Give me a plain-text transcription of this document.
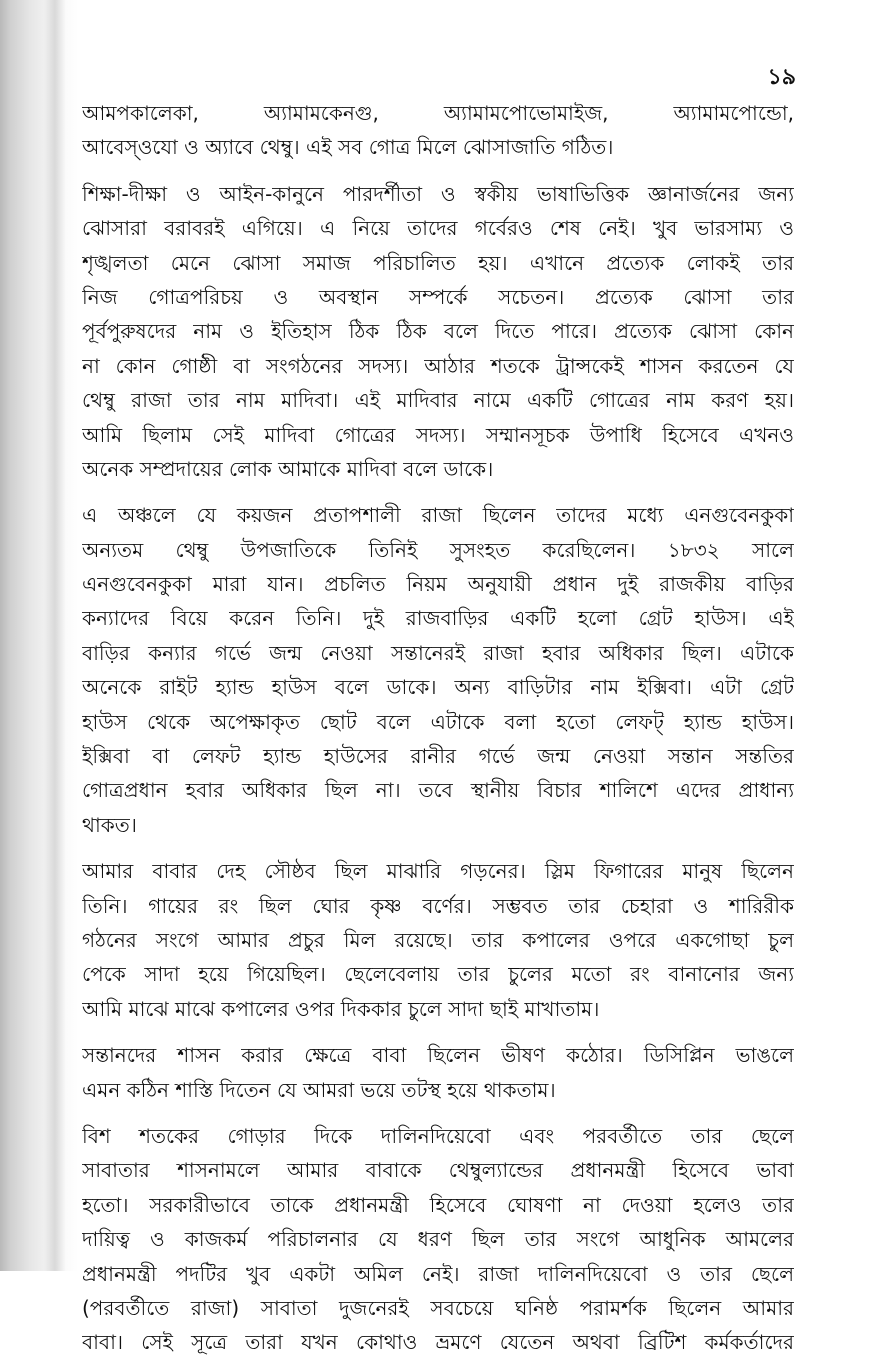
১৯
আমপকালেকা, অ্যামামকেনগু, অ্যামামপোভোমাইজ, অ্যামামপোন্ডো,
আবেস্ওযো ও অ্যাবে থেম্বু। এই সব গোত্র মিলে ঝোসাজাতি গঠিত।
শিক্ষা-দীক্ষা ও আইন-কানুনে পারদর্শীতা ও স্বকীয় ভাষাভিত্তিক জ্ঞানার্জনের জন্য
ঝোসারা বরাবরই এগিয়ে। এ নিয়ে তাদের গর্বেরও শেষ নেই। খুব ভারসাম্য ও
শৃঙ্খলতা মেনে ঝোসা সমাজ পরিচালিত হয়। এখানে প্রত্যেক লোকই তার
নিজ গোত্রপরিচয় ও অবস্থান সম্পর্কে সচেতন। প্রত্যেক ঝোসা তার
পূর্বপুরুষদের নাম ও ইতিহাস ঠিক ঠিক বলে দিতে পারে। প্রত্যেক ঝোসা কোন
না কোন গোষ্ঠী বা সংগঠনের সদস্য। আঠার শতকে ট্রান্সকেই শাসন করতেন যে
থেম্বু রাজা তার নাম মাদিবা। এই মাদিবার নামে একটি গোত্রের নাম করণ হয়।
আমি ছিলাম সেই মাদিবা গোত্রের সদস্য। সম্মানসূচক উপাধি হিসেবে এখনও
অনেক সম্প্রদায়ের লোক আমাকে মাদিবা বলে ডাকে।
এ অঞ্চলে যে কয়জন প্রতাপশালী রাজা ছিলেন তাদের মধ্যে এনগুবেনকুকা
অন্যতম থেম্বু উপজাতিকে তিনিই সুসংহত করেছিলেন। ১৮৩২ সালে
এনগুবেনকুকা মারা যান। প্রচলিত নিয়ম অনুযায়ী প্রধান দুই রাজকীয় বাড়ির
কন্যাদের বিয়ে করেন তিনি। দুই রাজবাড়ির একটি হলো গ্রেট হাউস। এই
বাড়ির কন্যার গর্ভে জন্ম নেওয়া সন্তানেরই রাজা হবার অধিকার ছিল। এটাকে
অনেকে রাইট হ্যান্ড হাউস বলে ডাকে। অন্য বাড়িটার নাম ইক্সিবা। এটা গ্রেট
হাউস থেকে অপেক্ষাকৃত ছোট বলে এটাকে বলা হতো লেফট্ হ্যান্ড হাউস।
ইক্সিবা বা লেফট হ্যান্ড হাউসের রানীর গর্ভে জন্ম নেওয়া সন্তান সন্ততির
গোত্রপ্রধান হবার অধিকার ছিল না। তবে স্থানীয় বিচার শালিশে এদের প্রাধান্য
থাকত।
আমার বাবার দেহ সৌষ্ঠব ছিল মাঝারি গড়নের। স্লিম ফিগারের মানুষ ছিলেন
তিনি। গায়ের রং ছিল ঘোর কৃষ্ণ বর্ণের। সম্ভবত তার চেহারা ও শারিরীক
গঠনের সংগে আমার প্রচুর মিল রয়েছে। তার কপালের ওপরে একগোছা চুল
পেকে সাদা হয়ে গিয়েছিল। ছেলেবেলায় তার চুলের মতো রং বানানোর জন্য
আমি মাঝে মাঝে কপালের ওপর দিককার চুলে সাদা ছাই মাখাতাম।
সন্তানদের শাসন করার ক্ষেত্রে বাবা ছিলেন ভীষণ কঠোর। ডিসিপ্লিন ভাঙলে
এমন কঠিন শাস্তি দিতেন যে আমরা ভয়ে তটস্থ হয়ে থাকতাম।
বিশ শতকের গোড়ার দিকে দালিনদিয়েবো এবং পরবর্তীতে তার ছেলে
সাবাতার শাসনামলে আমার বাবাকে থেম্বুল্যান্ডের প্রধানমন্ত্রী হিসেবে ভাবা
হতো। সরকারীভাবে তাকে প্রধানমন্ত্রী হিসেবে ঘোষণা না দেওয়া হলেও তার
দায়িত্ব ও কাজকর্ম পরিচালনার যে ধরণ ছিল তার সংগে আধুনিক আমলের
প্রধানমন্ত্রী পদটির খুব একটা অমিল নেই। রাজা দালিনদিয়েবো ও তার ছেলে
(পরবর্তীতে রাজা) সাবাতা দুজনেরই সবচেয়ে ঘনিষ্ঠ পরামর্শক ছিলেন আমার
বাবা। সেই সূত্রে তারা যখন কোথাও ভ্রমণে যেতেন অথবা ব্রিটিশ কর্মকর্তাদের
